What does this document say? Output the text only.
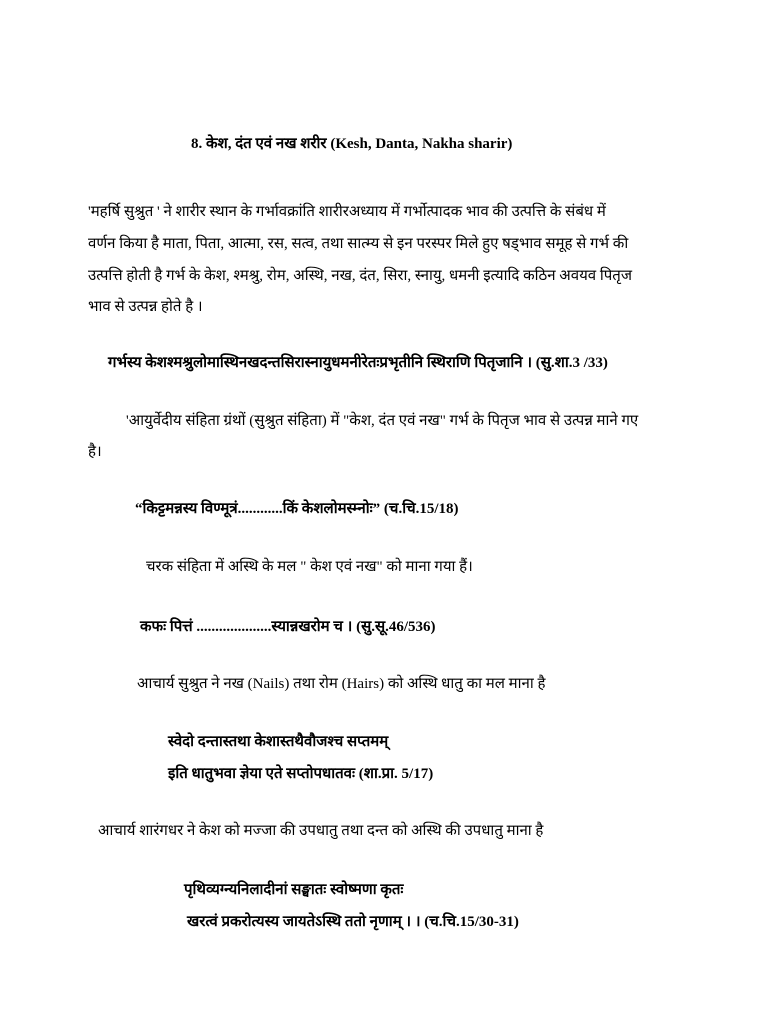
8. केश, दंत एवं नख शरीर (Kesh, Danta, Nakha sharir)
'महर्षि सुश्रुत ' ने शारीर स्थान के गर्भावक्रांति शारीरअध्याय में गर्भोत्पादक भाव की उत्पत्ति के संबंध में
वर्णन किया है माता, पिता, आत्मा, रस, सत्व, तथा सात्म्य से इन परस्पर मिले हुए षड्भाव समूह से गर्भ की
उत्पत्ति होती है गर्भ के केश, श्मश्रु, रोम, अस्थि, नख, दंत, सिरा, स्नायु, धमनी इत्यादि कठिन अवयव पितृज
भाव से उत्पन्न होते है ।
गर्भस्य केशश्मश्रुलोमास्थिनखदन्तसिरास्नायुधमनीरेतःप्रभृतीनि स्थिराणि पितृजानि । (सु.शा.3 /33)
'आयुर्वेदीय संहिता ग्रंथों (सुश्रुत संहिता) में "केश, दंत एवं नख" गर्भ के पितृज भाव से उत्पन्न माने गए
है।
“किट्टमन्नस्य विण्मूत्रं............किं केशलोमस्म्नोः” (च.चि.15/18)
चरक संहिता में अस्थि के मल " केश एवं नख" को माना गया हैं।
कफः पित्तं ....................स्यान्नखरोम च । (सु.सू.46/536)
आचार्य सुश्रुत ने नख (Nails) तथा रोम (Hairs) को अस्थि धातु का मल माना है
स्वेदो दन्तास्तथा केशास्तथैवौजश्च सप्तमम्
इति धातुभवा ज्ञेया एते सप्तोपधातवः (शा.प्रा. 5/17)
आचार्य शारंगधर ने केश को मज्जा की उपधातु तथा दन्त को अस्थि की उपधातु माना है
पृथिव्यग्न्यनिलादीनां सङ्घातः स्वोष्मणा कृतः
खरत्वं प्रकरोत्यस्य जायतेऽस्थि ततो नृणाम् । । (च.चि.15/30-31)
